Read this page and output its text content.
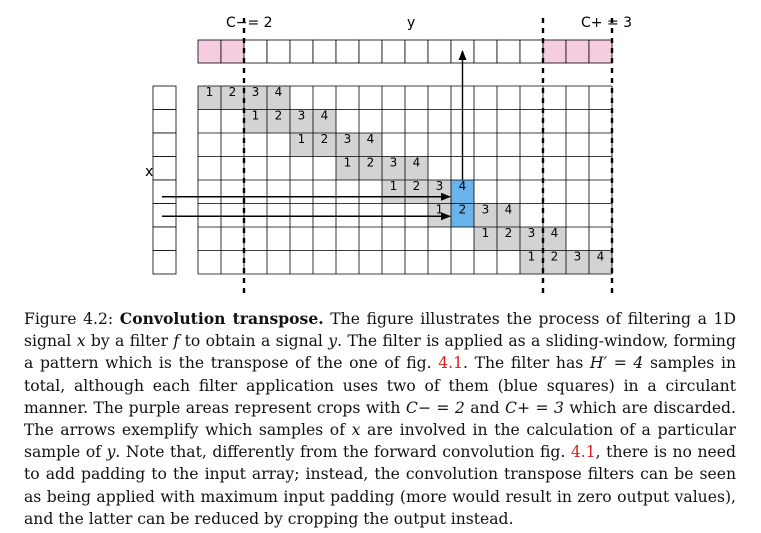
1 2 3 4
1 2 3 4
1 2 3 4
1 2 3 4
1 2 3 4
1 2 3 4
1 2 3 4
1 2 3 4
C−= 2	y	C+ = 3
x

Figure 4.2: Convolution transpose. The figure illustrates the process of filtering a 1D signal x by a filter f to obtain a signal y. The filter is applied as a sliding-window, forming a pattern which is the transpose of the one of fig. 4.1. The filter has H′ = 4 samples in total, although each filter application uses two of them (blue squares) in a circulant manner. The purple areas represent crops with C− = 2 and C+ = 3 which are discarded. The arrows exemplify which samples of x are involved in the calculation of a particular sample of y. Note that, differently from the forward convolution fig. 4.1, there is no need to add padding to the input array; instead, the convolution transpose filters can be seen as being applied with maximum input padding (more would result in zero output values), and the latter can be reduced by cropping the output instead.
